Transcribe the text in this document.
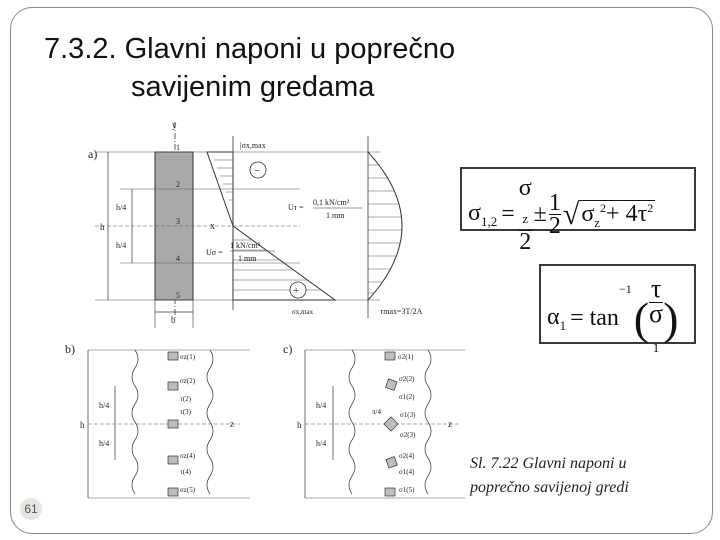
7.3.2. Glavni naponi u poprečno
savijenim gredama
a)
y
x
1
2
3
4
5
h
h/4
h/4
b
|σx,max
−
+
σx,max
Uτ =
0,1 kN/cm²
1 mm
Uσ =
1 kN/cm²
1 mm
τmax=3T/2A
b)
h
h/4
h/4
z
σz(1)
σz(2)
τ(2)
τ(3)
σz(4)
τ(4)
σz(5)
c)
h
h/4
h/4
z
σ2(1)
σ2(2)
σ1(2)
σ1(3)
σ2(3)
σ2(4)
σ1(4)
σ1(5)
π/4
$\sigma_{1,2} = \sigma$
$_z$
$2 \pm \frac{1}{2}$ √ $\sigma_z^2+ 4\tau^2$
$\alpha_1 = \tan$
−1
( τ
σ
$_1$ )
Sl. 7.22 Glavni naponi u poprečno savijenoj gredi
61
